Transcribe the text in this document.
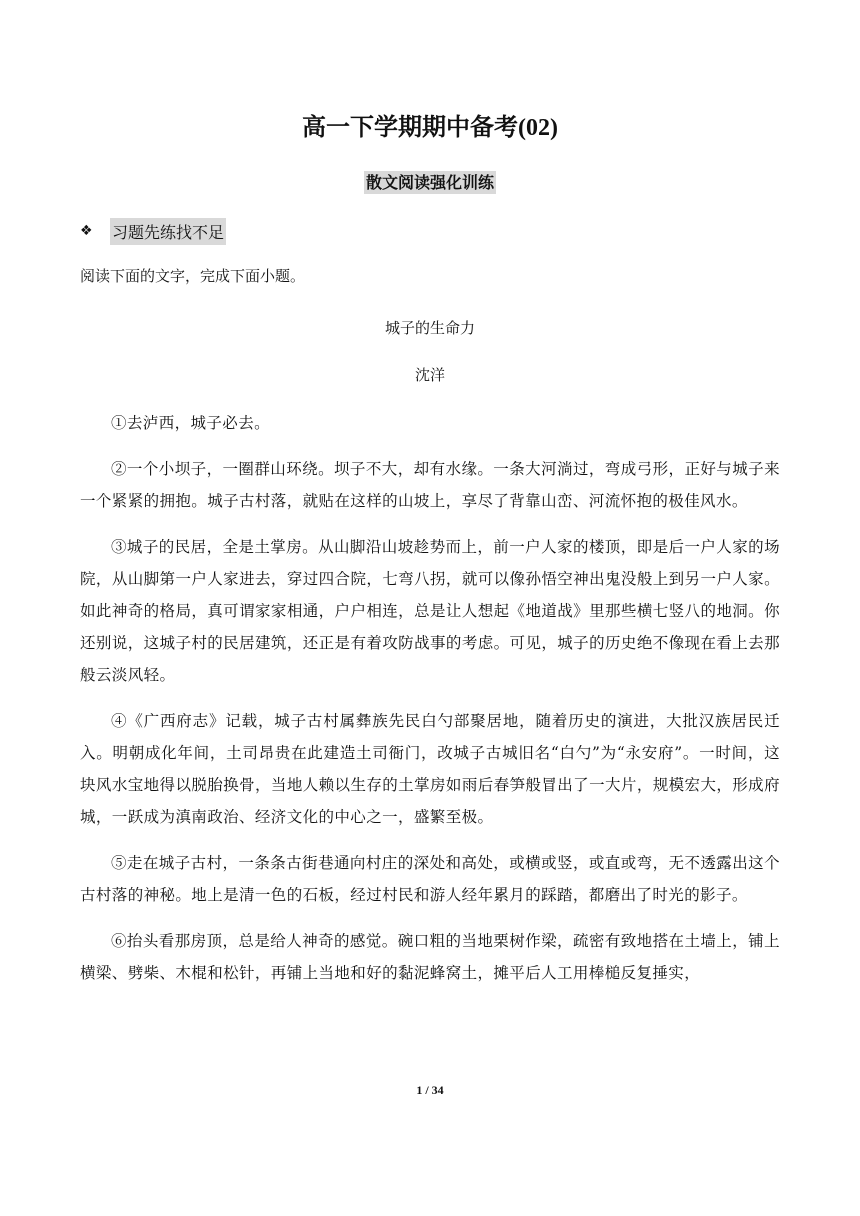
高一下学期期中备考(02)
散文阅读强化训练
❖	习题先练找不足
阅读下面的文字，完成下面小题。
城子的生命力
沈洋

①去泸西，城子必去。

②一个小坝子，一圈群山环绕。坝子不大，却有水缘。一条大河淌过，弯成弓形，正好与城子来一个紧紧的拥抱。城子古村落，就贴在这样的山坡上，享尽了背靠山峦、河流怀抱的极佳风水。

③城子的民居，全是土掌房。从山脚沿山坡趁势而上，前一户人家的楼顶，即是后一户人家的场院，从山脚第一户人家进去，穿过四合院，七弯八拐，就可以像孙悟空神出鬼没般上到另一户人家。如此神奇的格局，真可谓家家相通，户户相连，总是让人想起《地道战》里那些横七竖八的地洞。你还别说，这城子村的民居建筑，还正是有着攻防战事的考虑。可见，城子的历史绝不像现在看上去那般云淡风轻。

④《广西府志》记载，城子古村属彝族先民白勺部聚居地，随着历史的演进，大批汉族居民迁入。明朝成化年间，土司昂贵在此建造土司衙门，改城子古城旧名“白勺”为“永安府”。一时间，这块风水宝地得以脱胎换骨，当地人赖以生存的土掌房如雨后春笋般冒出了一大片，规模宏大，形成府城，一跃成为滇南政治、经济文化的中心之一，盛繁至极。

⑤走在城子古村，一条条古街巷通向村庄的深处和高处，或横或竖，或直或弯，无不透露出这个古村落的神秘。地上是清一色的石板，经过村民和游人经年累月的踩踏，都磨出了时光的影子。

⑥抬头看那房顶，总是给人神奇的感觉。碗口粗的当地栗树作梁，疏密有致地搭在土墙上，铺上横梁、劈柴、木棍和松针，再铺上当地和好的黏泥蜂窝土，摊平后人工用棒槌反复捶实，

1 / 34
